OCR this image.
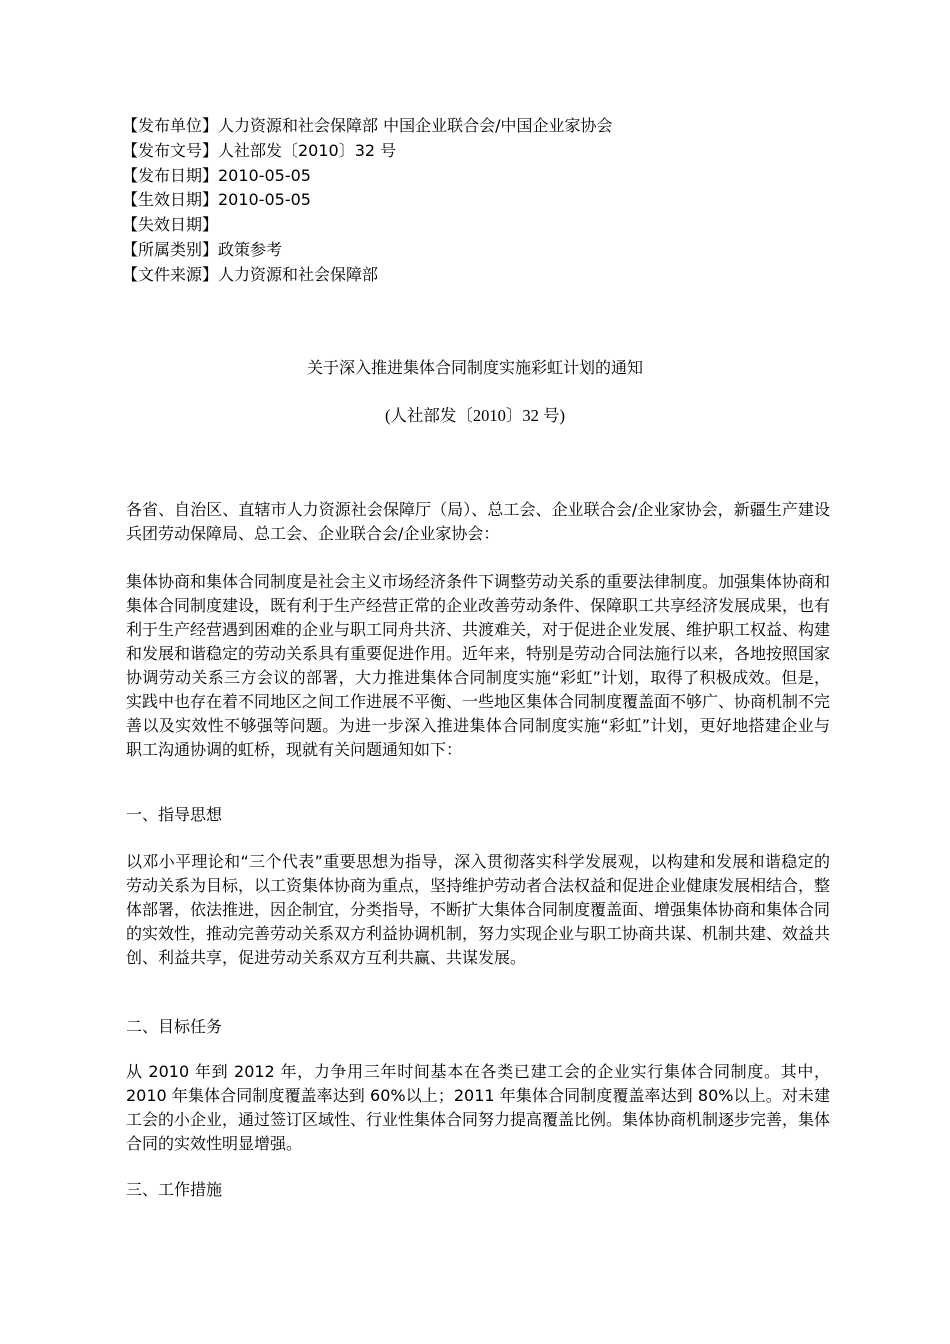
【发布单位】人力资源和社会保障部 中国企业联合会/中国企业家协会
【发布文号】人社部发〔2010〕32 号
【发布日期】2010-05-05
【生效日期】2010-05-05
【失效日期】
【所属类别】政策参考
【文件来源】人力资源和社会保障部
关于深入推进集体合同制度实施彩虹计划的通知
(人社部发〔2010〕32 号)

各省、自治区、直辖市人力资源社会保障厅（局）、总工会、企业联合会/企业家协会，新疆生产建设兵团劳动保障局、总工会、企业联合会/企业家协会：

集体协商和集体合同制度是社会主义市场经济条件下调整劳动关系的重要法律制度。加强集体协商和集体合同制度建设，既有利于生产经营正常的企业改善劳动条件、保障职工共享经济发展成果，也有利于生产经营遇到困难的企业与职工同舟共济、共渡难关，对于促进企业发展、维护职工权益、构建和发展和谐稳定的劳动关系具有重要促进作用。近年来，特别是劳动合同法施行以来，各地按照国家协调劳动关系三方会议的部署，大力推进集体合同制度实施“彩虹”计划，取得了积极成效。但是，实践中也存在着不同地区之间工作进展不平衡、一些地区集体合同制度覆盖面不够广、协商机制不完善以及实效性不够强等问题。为进一步深入推进集体合同制度实施“彩虹”计划，更好地搭建企业与职工沟通协调的虹桥，现就有关问题通知如下：

一、指导思想

以邓小平理论和“三个代表”重要思想为指导，深入贯彻落实科学发展观，以构建和发展和谐稳定的劳动关系为目标，以工资集体协商为重点，坚持维护劳动者合法权益和促进企业健康发展相结合，整体部署，依法推进，因企制宜，分类指导，不断扩大集体合同制度覆盖面、增强集体协商和集体合同的实效性，推动完善劳动关系双方利益协调机制，努力实现企业与职工协商共谋、机制共建、效益共创、利益共享，促进劳动关系双方互利共赢、共谋发展。

二、目标任务

从 2010 年到 2012 年，力争用三年时间基本在各类已建工会的企业实行集体合同制度。其中，2010 年集体合同制度覆盖率达到 60%以上；2011 年集体合同制度覆盖率达到 80%以上。对未建工会的小企业，通过签订区域性、行业性集体合同努力提高覆盖比例。集体协商机制逐步完善，集体合同的实效性明显增强。

三、工作措施
